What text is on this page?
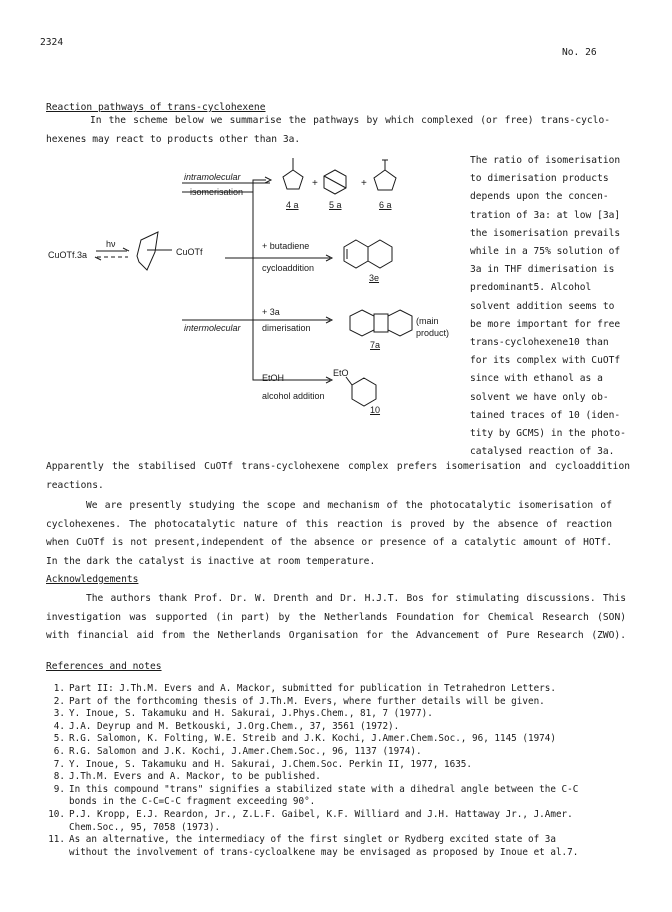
2324
No. 26
Reaction pathways of trans-cyclohexene
In the scheme below we summarise the pathways by which complexed (or free) trans-cyclo-
hexenes may react to products other than 3a.
CuOTf.3a
hν
CuOTf
intramolecular
isomerisation
+	+
4 a	5 a	6 a
+ butadiene
cycloaddition
3e
+ 3a
intermolecular dimerisation
(main
product)
7a
EtOH
alcohol addition
EtO
10
The ratio of isomerisation
to dimerisation products
depends upon the concen-
tration of 3a: at low [3a]
the isomerisation prevails
while in a 75% solution of
3a in THF dimerisation is
predominant5. Alcohol
solvent addition seems to
be more important for free
trans-cyclohexene10 than
for its complex with CuOTf
since with ethanol as a
solvent we have only ob-
tained traces of 10 (iden-
tity by GCMS) in the photo-
catalysed reaction of 3a.
Apparently the stabilised CuOTf trans-cyclohexene complex prefers isomerisation and cycloaddition
reactions.
We are presently studying the scope and mechanism of the photocatalytic isomerisation of
cyclohexenes. The photocatalytic nature of this reaction is proved by the absence of reaction
when CuOTf is not present,independent of the absence or presence of a catalytic amount of HOTf.
In the dark the catalyst is inactive at room temperature.
Acknowledgements
The authors thank Prof. Dr. W. Drenth and Dr. H.J.T. Bos for stimulating discussions. This
investigation was supported (in part) by the Netherlands Foundation for Chemical Research (SON)
with financial aid from the Netherlands Organisation for the Advancement of Pure Research (ZWO).
References and notes
1. Part II: J.Th.M. Evers and A. Mackor, submitted for publication in Tetrahedron Letters.
2. Part of the forthcoming thesis of J.Th.M. Evers, where further details will be given.
3. Y. Inoue, S. Takamuku and H. Sakurai, J.Phys.Chem., 81, 7 (1977).
4. J.A. Deyrup and M. Betkouski, J.Org.Chem., 37, 3561 (1972).
5. R.G. Salomon, K. Folting, W.E. Streib and J.K. Kochi, J.Amer.Chem.Soc., 96, 1145 (1974)
6. R.G. Salomon and J.K. Kochi, J.Amer.Chem.Soc., 96, 1137 (1974).
7. Y. Inoue, S. Takamuku and H. Sakurai, J.Chem.Soc. Perkin II, 1977, 1635.
8. J.Th.M. Evers and A. Mackor, to be published.
9. In this compound "trans" signifies a stabilized state with a dihedral angle between the C-C
bonds in the C-C=C-C fragment exceeding 90°.
10. P.J. Kropp, E.J. Reardon, Jr., Z.L.F. Gaibel, K.F. Williard and J.H. Hattaway Jr., J.Amer.
Chem.Soc., 95, 7058 (1973).
11. As an alternative, the intermediacy of the first singlet or Rydberg excited state of 3a
without the involvement of trans-cycloalkene may be envisaged as proposed by Inoue et al.7.
